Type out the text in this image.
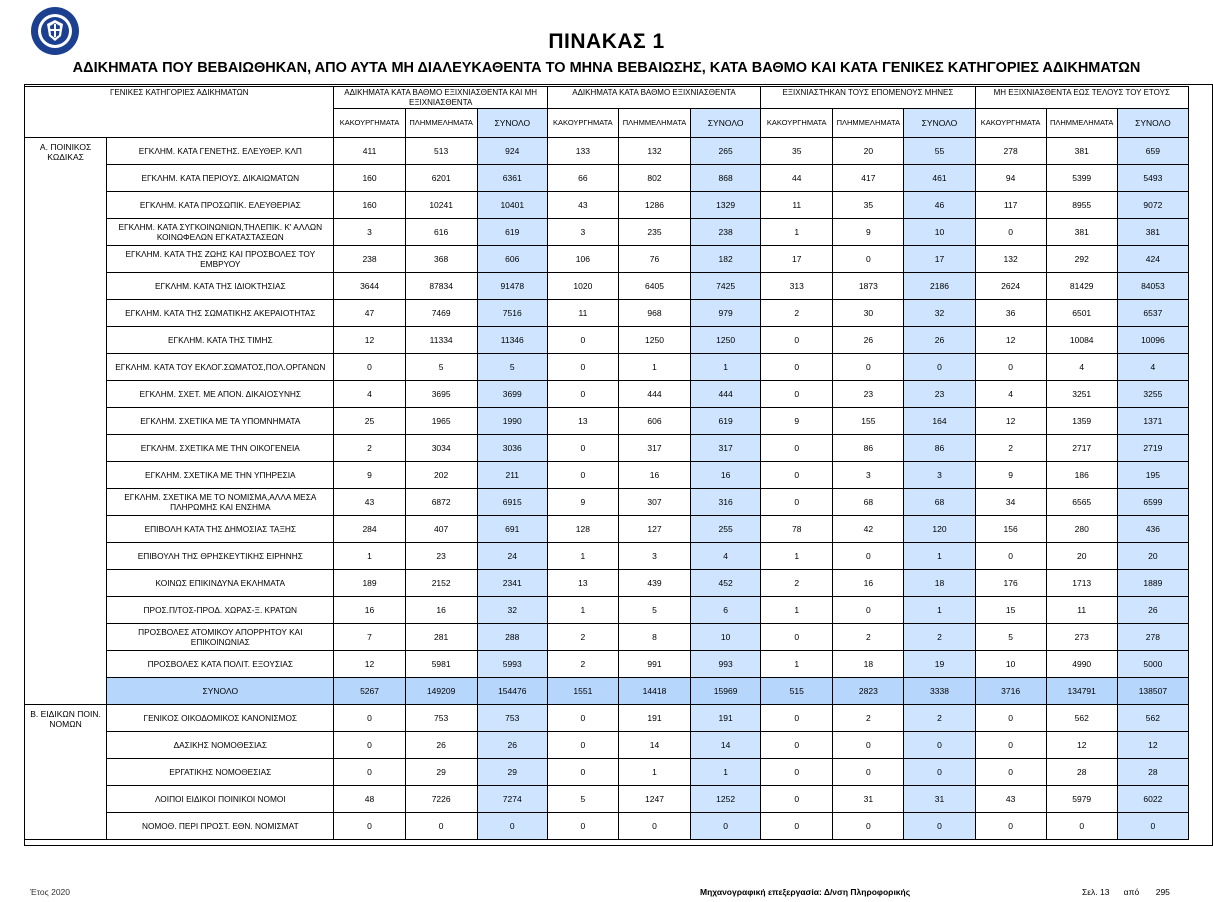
ΠΙΝΑΚΑΣ 1
ΑΔΙΚΗΜΑΤΑ ΠΟΥ ΒΕΒΑΙΩΘΗΚΑΝ, ΑΠΟ ΑΥΤΑ ΜΗ ΔΙΑΛΕΥΚΑΘΕΝΤΑ ΤΟ ΜΗΝΑ ΒΕΒΑΙΩΣΗΣ, ΚΑΤΑ ΒΑΘΜΟ ΚΑΙ ΚΑΤΑ ΓΕΝΙΚΕΣ ΚΑΤΗΓΟΡΙΕΣ ΑΔΙΚΗΜΑΤΩΝ
ΓΕΝΙΚΕΣ ΚΑΤΗΓΟΡΙΕΣ ΑΔΙΚΗΜΑΤΩΝ		ΑΔΙΚΗΜΑΤΑ ΚΑΤΑ ΒΑΘΜΟ ΕΞΙΧΝΙΑΣΘΕΝΤΑ ΚΑΙ ΜΗ ΕΞΙΧΝΙΑΣΘΕΝΤΑ			ΑΔΙΚΗΜΑΤΑ ΚΑΤΑ ΒΑΘΜΟ ΕΞΙΧΝΙΑΣΘΕΝΤΑ			ΕΞΙΧΝΙΑΣΤΗΚΑΝ ΤΟΥΣ ΕΠΟΜΕΝΟΥΣ ΜΗΝΕΣ			ΜΗ ΕΞΙΧΝΙΑΣΘΕΝΤΑ ΕΩΣ ΤΕΛΟΥΣ ΤΟΥ ΕΤΟΥΣ		
		ΚΑΚΟΥΡΓΗΜΑΤΑ	ΠΛΗΜΜΕΛΗΜΑΤΑ	ΣΥΝΟΛΟ	ΚΑΚΟΥΡΓΗΜΑΤΑ	ΠΛΗΜΜΕΛΗΜΑΤΑ	ΣΥΝΟΛΟ	ΚΑΚΟΥΡΓΗΜΑΤΑ	ΠΛΗΜΜΕΛΗΜΑΤΑ	ΣΥΝΟΛΟ	ΚΑΚΟΥΡΓΗΜΑΤΑ	ΠΛΗΜΜΕΛΗΜΑΤΑ	ΣΥΝΟΛΟ
Α. ΠΟΙΝΙΚΟΣ ΚΩΔΙΚΑΣ	ΕΓΚΛΗΜ. ΚΑΤΑ ΓΕΝΕΤΗΣ. ΕΛΕΥΘΕΡ. ΚΛΠ	411	513	924	133	132	265	35	20	55	278	381	659
	ΕΓΚΛΗΜ. ΚΑΤΑ ΠΕΡΙΟΥΣ. ΔΙΚΑΙΩΜΑΤΩΝ	160	6201	6361	66	802	868	44	417	461	94	5399	5493
	ΕΓΚΛΗΜ. ΚΑΤΑ ΠΡΟΣΩΠΙΚ. ΕΛΕΥΘΕΡΙΑΣ	160	10241	10401	43	1286	1329	11	35	46	117	8955	9072
	ΕΓΚΛΗΜ. ΚΑΤΑ ΣΥΓΚΟΙΝΩΝΙΩΝ,ΤΗΛΕΠΙΚ. Κ' ΑΛΛΩΝ ΚΟΙΝΩΦΕΛΩΝ ΕΓΚΑΤΑΣΤΑΣΕΩΝ	3	616	619	3	235	238	1	9	10	0	381	381
	ΕΓΚΛΗΜ. ΚΑΤΑ ΤΗΣ ΖΩΗΣ ΚΑΙ ΠΡΟΣΒΟΛΕΣ ΤΟΥ ΕΜΒΡΥΟΥ	238	368	606	106	76	182	17	0	17	132	292	424
	ΕΓΚΛΗΜ. ΚΑΤΑ ΤΗΣ ΙΔΙΟΚΤΗΣΙΑΣ	3644	87834	91478	1020	6405	7425	313	1873	2186	2624	81429	84053
	ΕΓΚΛΗΜ. ΚΑΤΑ ΤΗΣ ΣΩΜΑΤΙΚΗΣ ΑΚΕΡΑΙΟΤΗΤΑΣ	47	7469	7516	11	968	979	2	30	32	36	6501	6537
	ΕΓΚΛΗΜ. ΚΑΤΑ ΤΗΣ ΤΙΜΗΣ	12	11334	11346	0	1250	1250	0	26	26	12	10084	10096
	ΕΓΚΛΗΜ. ΚΑΤΑ ΤΟΥ ΕΚΛΟΓ.ΣΩΜΑΤΟΣ,ΠΟΛ.ΟΡΓΑΝΩΝ	0	5	5	0	1	1	0	0	0	0	4	4
	ΕΓΚΛΗΜ. ΣΧΕΤ. ΜΕ ΑΠΟΝ. ΔΙΚΑΙΟΣΥΝΗΣ	4	3695	3699	0	444	444	0	23	23	4	3251	3255
	ΕΓΚΛΗΜ. ΣΧΕΤΙΚΑ ΜΕ ΤΑ ΥΠΟΜΝΗΜΑΤΑ	25	1965	1990	13	606	619	9	155	164	12	1359	1371
	ΕΓΚΛΗΜ. ΣΧΕΤΙΚΑ ΜΕ ΤΗΝ ΟΙΚΟΓΕΝΕΙΑ	2	3034	3036	0	317	317	0	86	86	2	2717	2719
	ΕΓΚΛΗΜ. ΣΧΕΤΙΚΑ ΜΕ ΤΗΝ ΥΠΗΡΕΣΙΑ	9	202	211	0	16	16	0	3	3	9	186	195
	ΕΓΚΛΗΜ. ΣΧΕΤΙΚΑ ΜΕ ΤΟ ΝΟΜΙΣΜΑ,ΑΛΛΑ ΜΕΣΑ ΠΛΗΡΩΜΗΣ ΚΑΙ ΕΝΣΗΜΑ	43	6872	6915	9	307	316	0	68	68	34	6565	6599
	ΕΠΙΒΟΛΗ ΚΑΤΑ ΤΗΣ ΔΗΜΟΣΙΑΣ ΤΑΞΗΣ	284	407	691	128	127	255	78	42	120	156	280	436
	ΕΠΙΒΟΥΛΗ ΤΗΣ ΘΡΗΣΚΕΥΤΙΚΗΣ ΕΙΡΗΝΗΣ	1	23	24	1	3	4	1	0	1	0	20	20
	ΚΟΙΝΩΣ ΕΠΙΚΙΝΔΥΝΑ ΕΚΛΗΜΑΤΑ	189	2152	2341	13	439	452	2	16	18	176	1713	1889
	ΠΡΟΣ.Π/ΤΟΣ-ΠΡΟΔ. ΧΩΡΑΣ-Ξ. ΚΡΑΤΩΝ	16	16	32	1	5	6	1	0	1	15	11	26
	ΠΡΟΣΒΟΛΕΣ ΑΤΟΜΙΚΟΥ ΑΠΟΡΡΗΤΟΥ ΚΑΙ ΕΠΙΚΟΙΝΩΝΙΑΣ	7	281	288	2	8	10	0	2	2	5	273	278
	ΠΡΟΣΒΟΛΕΣ ΚΑΤΑ ΠΟΛΙΤ. ΕΞΟΥΣΙΑΣ	12	5981	5993	2	991	993	1	18	19	10	4990	5000
	ΣΥΝΟΛΟ	5267	149209	154476	1551	14418	15969	515	2823	3338	3716	134791	138507
Β. ΕΙΔΙΚΩΝ ΠΟΙΝ. ΝΟΜΩΝ	ΓΕΝΙΚΟΣ ΟΙΚΟΔΟΜΙΚΟΣ ΚΑΝΟΝΙΣΜΟΣ	0	753	753	0	191	191	0	2	2	0	562	562
	ΔΑΣΙΚΗΣ ΝΟΜΟΘΕΣΙΑΣ	0	26	26	0	14	14	0	0	0	0	12	12
	ΕΡΓΑΤΙΚΗΣ ΝΟΜΟΘΕΣΙΑΣ	0	29	29	0	1	1	0	0	0	0	28	28
	ΛΟΙΠΟΙ ΕΙΔΙΚΟΙ ΠΟΙΝΙΚΟΙ ΝΟΜΟΙ	48	7226	7274	5	1247	1252	0	31	31	43	5979	6022
	ΝΟΜΟΘ. ΠΕΡΙ ΠΡΟΣΤ. ΕΘΝ. ΝΟΜΙΣΜΑΤ	0	0	0	0	0	0	0	0	0	0	0	0
Έτος 2020	Μηχανογραφική επεξεργασία: Δ/νση Πληροφορικής	Σελ. 13 από 295
